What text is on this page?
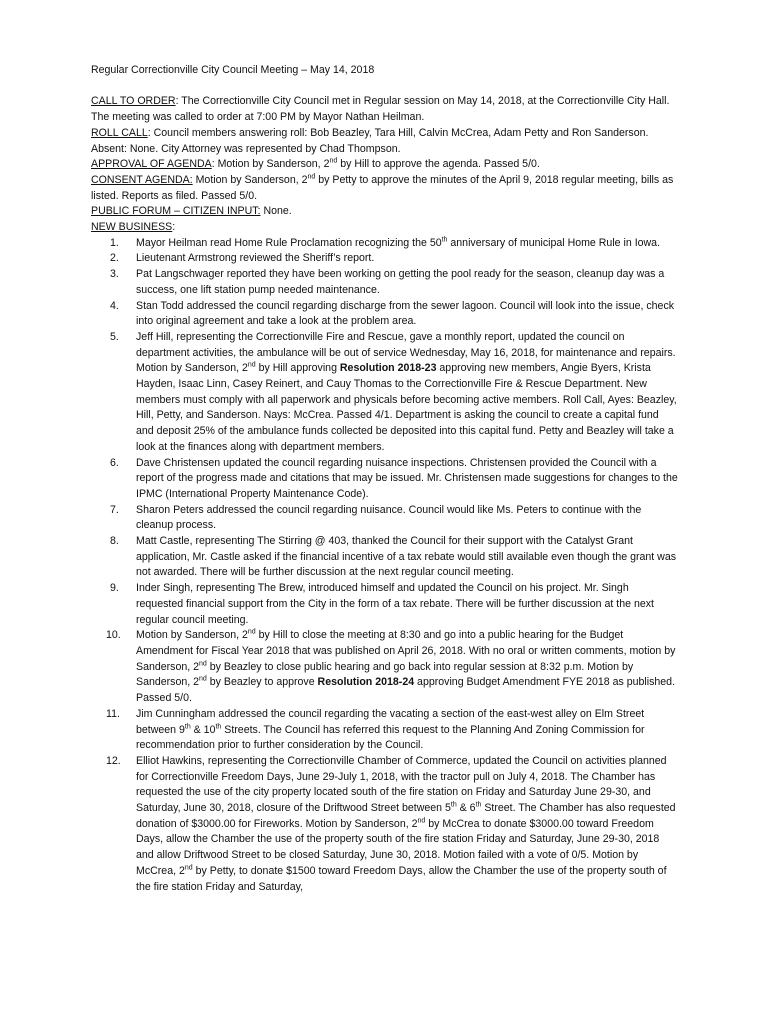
Regular Correctionville City Council Meeting – May 14, 2018

CALL TO ORDER: The Correctionville City Council met in Regular session on May 14, 2018, at the Correctionville City Hall. The meeting was called to order at 7:00 PM by Mayor Nathan Heilman.

ROLL CALL: Council members answering roll: Bob Beazley, Tara Hill, Calvin McCrea, Adam Petty and Ron Sanderson. Absent: None. City Attorney was represented by Chad Thompson.

APPROVAL OF AGENDA: Motion by Sanderson, 2nd by Hill to approve the agenda. Passed 5/0.

CONSENT AGENDA: Motion by Sanderson, 2nd by Petty to approve the minutes of the April 9, 2018 regular meeting, bills as listed. Reports as filed. Passed 5/0.

PUBLIC FORUM – CITIZEN INPUT: None.

NEW BUSINESS:

1.	Mayor Heilman read Home Rule Proclamation recognizing the 50th anniversary of municipal Home Rule in Iowa.
2.	Lieutenant Armstrong reviewed the Sheriff’s report.
3.	Pat Langschwager reported they have been working on getting the pool ready for the season, cleanup day was a success, one lift station pump needed maintenance.
4.	Stan Todd addressed the council regarding discharge from the sewer lagoon. Council will look into the issue, check into original agreement and take a look at the problem area.
5.	Jeff Hill, representing the Correctionville Fire and Rescue, gave a monthly report, updated the council on department activities, the ambulance will be out of service Wednesday, May 16, 2018, for maintenance and repairs. Motion by Sanderson, 2nd by Hill approving Resolution 2018-23 approving new members, Angie Byers, Krista Hayden, Isaac Linn, Casey Reinert, and Cauy Thomas to the Correctionville Fire & Rescue Department. New members must comply with all paperwork and physicals before becoming active members. Roll Call, Ayes: Beazley, Hill, Petty, and Sanderson. Nays: McCrea. Passed 4/1. Department is asking the council to create a capital fund and deposit 25% of the ambulance funds collected be deposited into this capital fund. Petty and Beazley will take a look at the finances along with department members.
6.	Dave Christensen updated the council regarding nuisance inspections. Christensen provided the Council with a report of the progress made and citations that may be issued. Mr. Christensen made suggestions for changes to the IPMC (International Property Maintenance Code).
7.	Sharon Peters addressed the council regarding nuisance. Council would like Ms. Peters to continue with the cleanup process.
8.	Matt Castle, representing The Stirring @ 403, thanked the Council for their support with the Catalyst Grant application, Mr. Castle asked if the financial incentive of a tax rebate would still available even though the grant was not awarded. There will be further discussion at the next regular council meeting.
9.	Inder Singh, representing The Brew, introduced himself and updated the Council on his project. Mr. Singh requested financial support from the City in the form of a tax rebate. There will be further discussion at the next regular council meeting.
10.	Motion by Sanderson, 2nd by Hill to close the meeting at 8:30 and go into a public hearing for the Budget Amendment for Fiscal Year 2018 that was published on April 26, 2018. With no oral or written comments, motion by Sanderson, 2nd by Beazley to close public hearing and go back into regular session at 8:32 p.m. Motion by Sanderson, 2nd by Beazley to approve Resolution 2018-24 approving Budget Amendment FYE 2018 as published. Passed 5/0.
11.	Jim Cunningham addressed the council regarding the vacating a section of the east-west alley on Elm Street between 9th & 10th Streets. The Council has referred this request to the Planning And Zoning Commission for recommendation prior to further consideration by the Council.
12.	Elliot Hawkins, representing the Correctionville Chamber of Commerce, updated the Council on activities planned for Correctionville Freedom Days, June 29-July 1, 2018, with the tractor pull on July 4, 2018. The Chamber has requested the use of the city property located south of the fire station on Friday and Saturday June 29-30, and Saturday, June 30, 2018, closure of the Driftwood Street between 5th & 6th Street. The Chamber has also requested donation of $3000.00 for Fireworks. Motion by Sanderson, 2nd by McCrea to donate $3000.00 toward Freedom Days, allow the Chamber the use of the property south of the fire station Friday and Saturday, June 29-30, 2018 and allow Driftwood Street to be closed Saturday, June 30, 2018. Motion failed with a vote of 0/5. Motion by McCrea, 2nd by Petty, to donate $1500 toward Freedom Days, allow the Chamber the use of the property south of the fire station Friday and Saturday,
